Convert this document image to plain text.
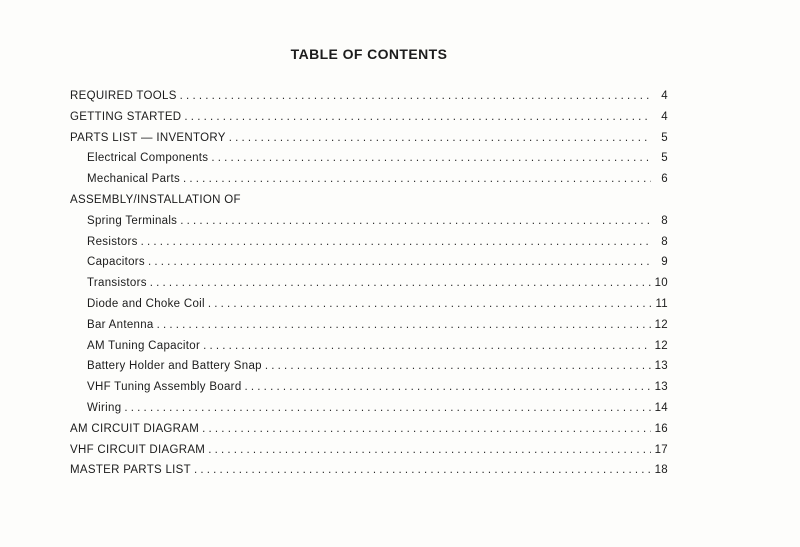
TABLE OF CONTENTS
REQUIRED TOOLS . . .	4
GETTING STARTED . . .	4
PARTS LIST — INVENTORY . . .	5
Electrical Components . . .	5
Mechanical Parts . . .	6
ASSEMBLY/INSTALLATION OF
Spring Terminals . . .	8
Resistors . . .	8
Capacitors . . .	9
Transistors . . .	10
Diode and Choke Coil . . .	11
Bar Antenna . . .	12
AM Tuning Capacitor . . .	12
Battery Holder and Battery Snap . . .	13
VHF Tuning Assembly Board . . .	13
Wiring . . .	14
AM CIRCUIT DIAGRAM . . .	16
VHF CIRCUIT DIAGRAM . . .	17
MASTER PARTS LIST . . .	18
